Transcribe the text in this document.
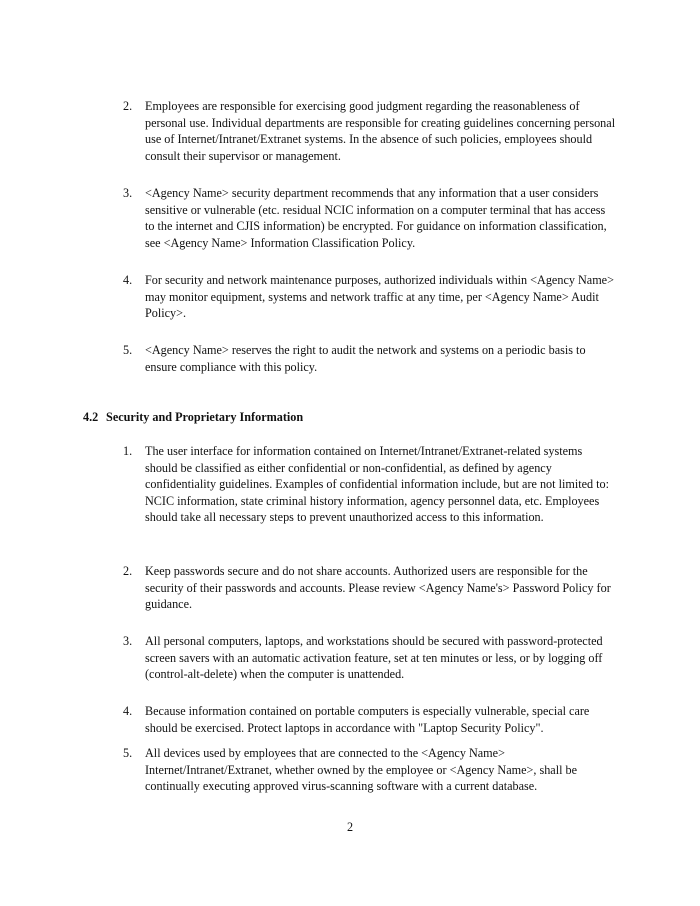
2. Employees are responsible for exercising good judgment regarding the reasonableness of personal use. Individual departments are responsible for creating guidelines concerning personal use of Internet/Intranet/Extranet systems. In the absence of such policies, employees should consult their supervisor or management.
3. <Agency Name> security department recommends that any information that a user considers sensitive or vulnerable (etc. residual NCIC information on a computer terminal that has access to the internet and CJIS information) be encrypted. For guidance on information classification, see <Agency Name> Information Classification Policy.
4. For security and network maintenance purposes, authorized individuals within <Agency Name> may monitor equipment, systems and network traffic at any time, per <Agency Name> Audit Policy>.
5. <Agency Name> reserves the right to audit the network and systems on a periodic basis to ensure compliance with this policy.
4.2 Security and Proprietary Information
1. The user interface for information contained on Internet/Intranet/Extranet-related systems should be classified as either confidential or non-confidential, as defined by agency confidentiality guidelines. Examples of confidential information include, but are not limited to: NCIC information, state criminal history information, agency personnel data, etc. Employees should take all necessary steps to prevent unauthorized access to this information.
2. Keep passwords secure and do not share accounts. Authorized users are responsible for the security of their passwords and accounts. Please review <Agency Name's> Password Policy for guidance.
3. All personal computers, laptops, and workstations should be secured with password-protected screen savers with an automatic activation feature, set at ten minutes or less, or by logging off (control-alt-delete) when the computer is unattended.
4. Because information contained on portable computers is especially vulnerable, special care should be exercised. Protect laptops in accordance with "Laptop Security Policy".
5. All devices used by employees that are connected to the <Agency Name> Internet/Intranet/Extranet, whether owned by the employee or <Agency Name>, shall be continually executing approved virus-scanning software with a current database.
2
